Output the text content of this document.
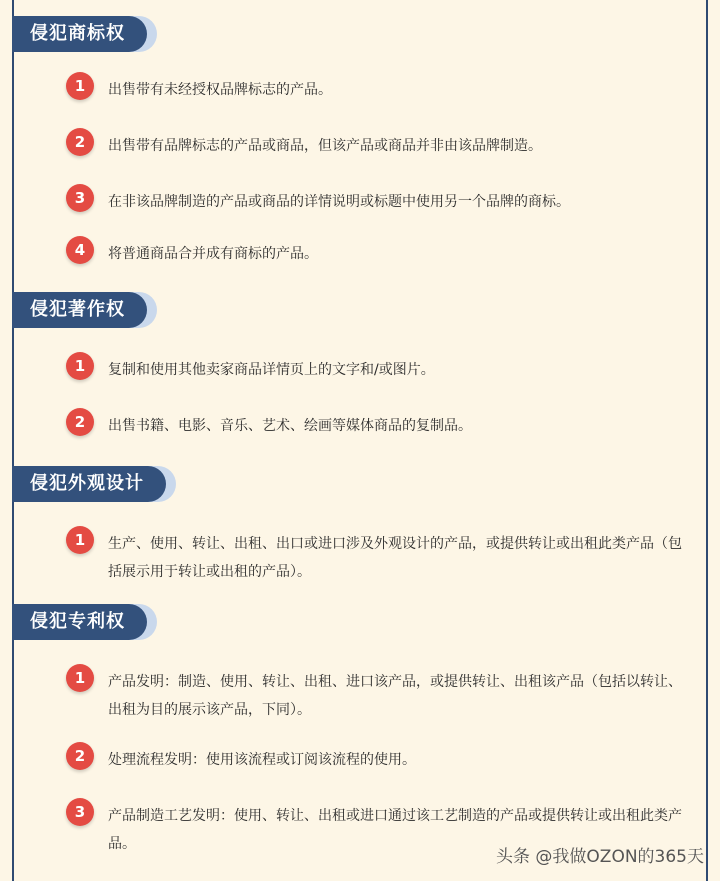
侵犯商标权
1	出售带有未经授权品牌标志的产品。
2	出售带有品牌标志的产品或商品，但该产品或商品并非由该品牌制造。
3	在非该品牌制造的产品或商品的详情说明或标题中使用另一个品牌的商标。
4	将普通商品合并成有商标的产品。
侵犯著作权
1	复制和使用其他卖家商品详情页上的文字和/或图片。
2	出售书籍、电影、音乐、艺术、绘画等媒体商品的复制品。
侵犯外观设计
1	生产、使用、转让、出租、出口或进口涉及外观设计的产品，或提供转让或出租此类产品（包括展示用于转让或出租的产品）。
侵犯专利权
1	产品发明：制造、使用、转让、出租、进口该产品，或提供转让、出租该产品（包括以转让、出租为目的展示该产品，下同）。
2	处理流程发明：使用该流程或订阅该流程的使用。
3	产品制造工艺发明：使用、转让、出租或进口通过该工艺制造的产品或提供转让或出租此类产品。
头条 @我做OZON的365天
